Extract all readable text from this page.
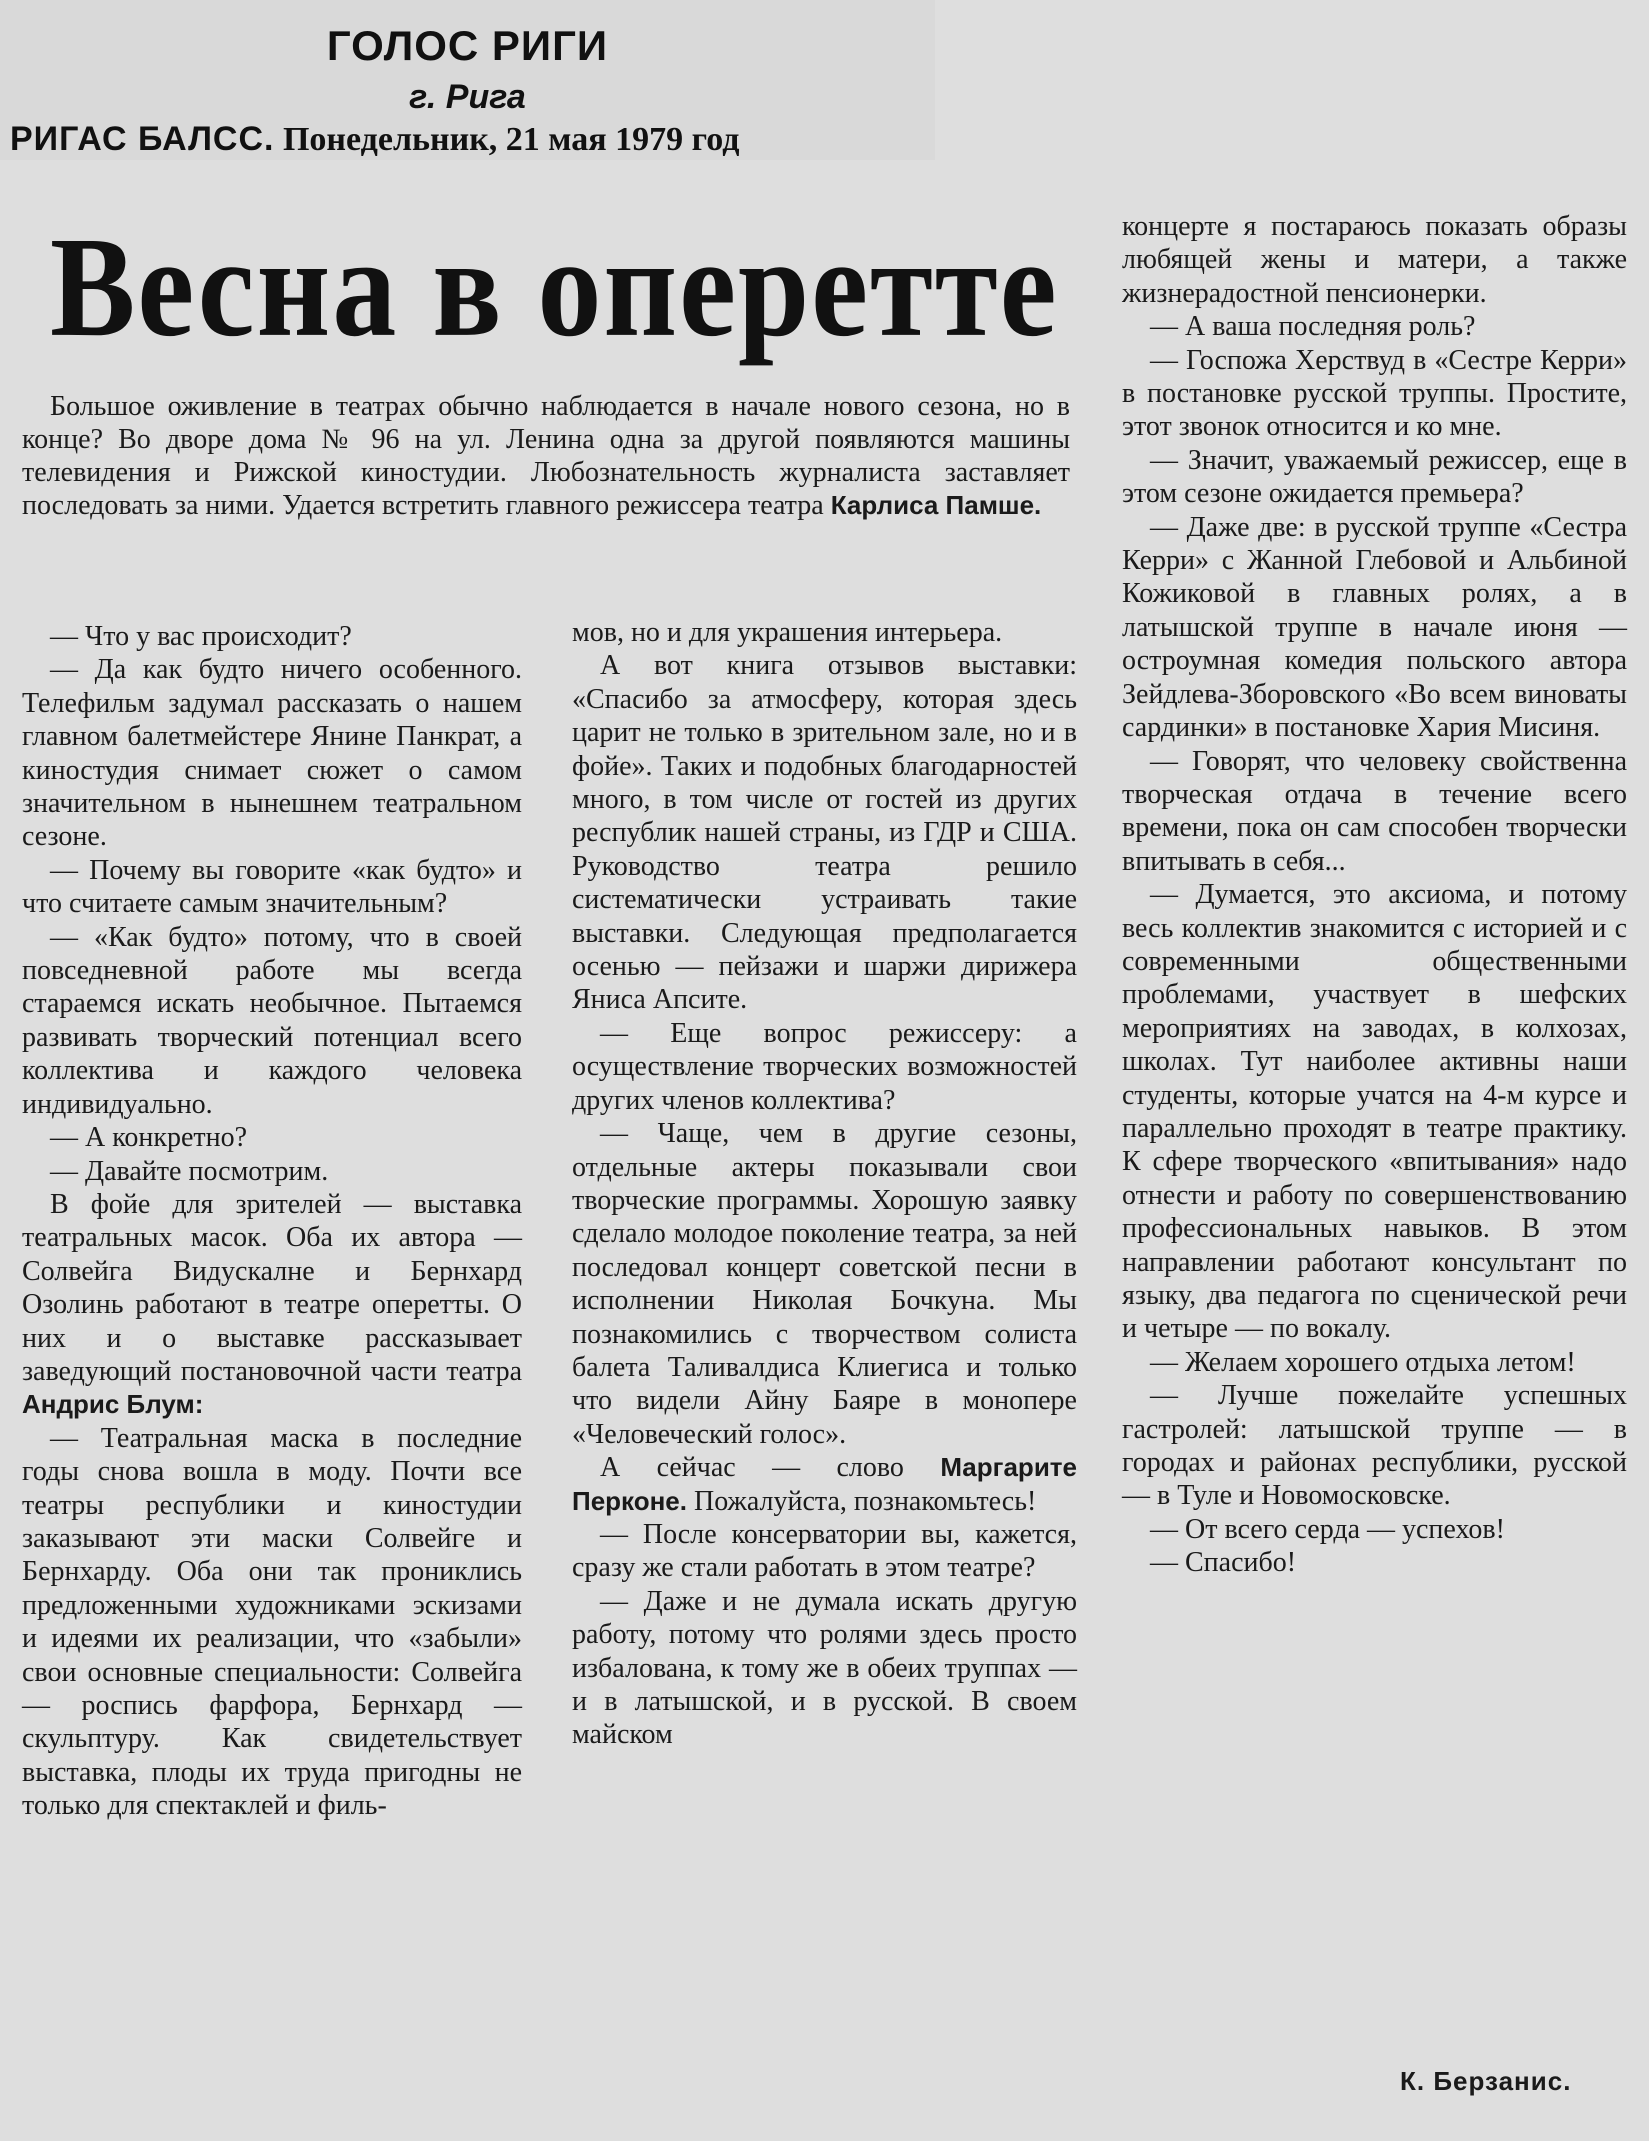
ГОЛОС РИГИ
г. Рига
РИГАС БАЛСС. Понедельник, 21 мая 1979 год
Весна в оперетте
Большое оживление в театрах обычно наблюдается в начале нового сезона, но в конце? Во дворе дома № 96 на ул. Ленина одна за другой появляются машины телевидения и Рижской киностудии. Любознательность журналиста заставляет последовать за ними. Удается встретить главного режиссера театра Карлиса Памше.

— Что у вас происходит?

— Да как будто ничего особенного. Телефильм задумал рассказать о нашем главном балетмейстере Янине Панкрат, а киностудия снимает сюжет о самом значительном в нынешнем театральном сезоне.

— Почему вы говорите «как будто» и что считаете самым значительным?

— «Как будто» потому, что в своей повседневной работе мы всегда стараемся искать необычное. Пытаемся развивать творческий потенциал всего коллектива и каждого человека индивидуально.

— А конкретно?

— Давайте посмотрим.

В фойе для зрителей — выставка театральных масок. Оба их автора — Солвейга Видускалне и Бернхард Озолинь работают в театре оперетты. О них и о выставке рассказывает заведующий постановочной части театра Андрис Блум:

— Театральная маска в последние годы снова вошла в моду. Почти все театры республики и киностудии заказывают эти маски Солвейге и Бернхарду. Оба они так прониклись предложенными художниками эскизами и идеями их реализации, что «забыли» свои основные специальности: Солвейга — роспись фарфора, Бернхард — скульптуру. Как свидетельствует выставка, плоды их труда пригодны не только для спектаклей и филь-

мов, но и для украшения интерьера.

А вот книга отзывов выставки: «Спасибо за атмосферу, которая здесь царит не только в зрительном зале, но и в фойе». Таких и подобных благодарностей много, в том числе от гостей из других республик нашей страны, из ГДР и США. Руководство театра решило систематически устраивать такие выставки. Следующая предполагается осенью — пейзажи и шаржи дирижера Яниса Апсите.

— Еще вопрос режиссеру: а осуществление творческих возможностей других членов коллектива?

— Чаще, чем в другие сезоны, отдельные актеры показывали свои творческие программы. Хорошую заявку сделало молодое поколение театра, за ней последовал концерт советской песни в исполнении Николая Бочкуна. Мы познакомились с творчеством солиста балета Таливалдиса Клиегиса и только что видели Айну Баяре в монопере «Человеческий голос».

А сейчас — слово Маргарите Перконе. Пожалуйста, познакомьтесь!

— После консерватории вы, кажется, сразу же стали работать в этом театре?

— Даже и не думала искать другую работу, потому что ролями здесь просто избалована, к тому же в обеих труппах — и в латышской, и в русской. В своем майском

концерте я постараюсь показать образы любящей жены и матери, а также жизнерадостной пенсионерки.

— А ваша последняя роль?

— Госпожа Херствуд в «Сестре Керри» в постановке русской труппы. Простите, этот звонок относится и ко мне.

— Значит, уважаемый режиссер, еще в этом сезоне ожидается премьера?

— Даже две: в русской труппе «Сестра Керри» с Жанной Глебовой и Альбиной Кожиковой в главных ролях, а в латышской труппе в начале июня — остроумная комедия польского автора Зейдлева-Зборовского «Во всем виноваты сардинки» в постановке Хария Мисиня.

— Говорят, что человеку свойственна творческая отдача в течение всего времени, пока он сам способен творчески впитывать в себя...

— Думается, это аксиома, и потому весь коллектив знакомится с историей и с современными общественными проблемами, участвует в шефских мероприятиях на заводах, в колхозах, школах. Тут наиболее активны наши студенты, которые учатся на 4-м курсе и параллельно проходят в театре практику. К сфере творческого «впитывания» надо отнести и работу по совершенствованию профессиональных навыков. В этом направлении работают консультант по языку, два педагога по сценической речи и четыре — по вокалу.

— Желаем хорошего отдыха летом!

— Лучше пожелайте успешных гастролей: латышской труппе — в городах и районах республики, русской — в Туле и Новомосковске.

— От всего серда — успехов!

— Спасибо!

К. Берзанис.
